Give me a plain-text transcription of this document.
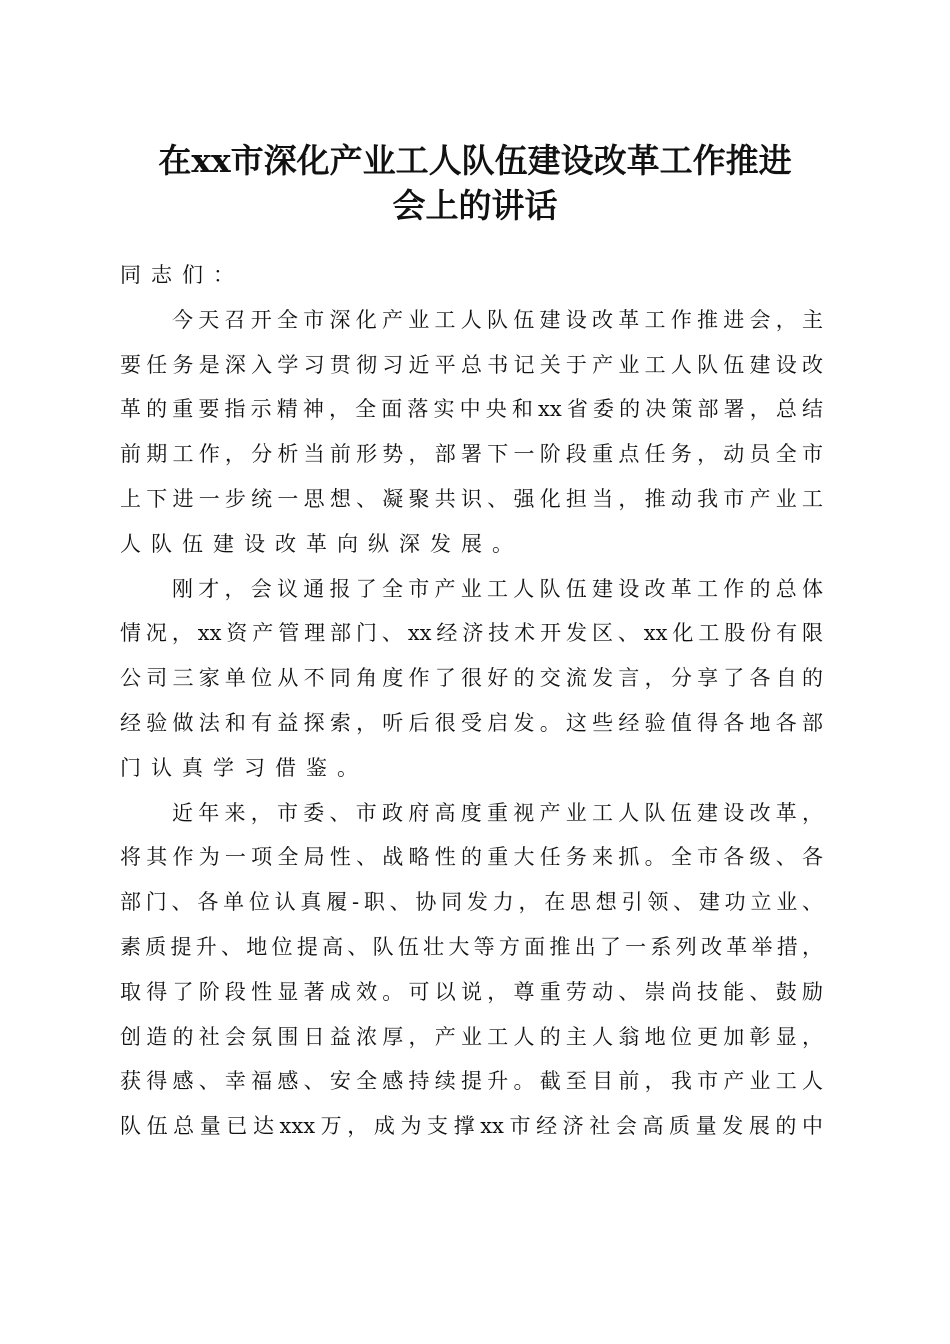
在xx市深化产业工人队伍建设改革工作推进
会上的讲话
同志们：
今天召开全市深化产业工人队伍建设改革工作推进会，主
要任务是深入学习贯彻习近平总书记关于产业工人队伍建设改
革的重要指示精神，全面落实中央和xx省委的决策部署，总结
前期工作，分析当前形势，部署下一阶段重点任务，动员全市
上下进一步统一思想、凝聚共识、强化担当，推动我市产业工
人队伍建设改革向纵深发展。
刚才，会议通报了全市产业工人队伍建设改革工作的总体
情况，xx资产管理部门、xx经济技术开发区、xx化工股份有限
公司三家单位从不同角度作了很好的交流发言，分享了各自的
经验做法和有益探索，听后很受启发。这些经验值得各地各部
门认真学习借鉴。
近年来，市委、市政府高度重视产业工人队伍建设改革，
将其作为一项全局性、战略性的重大任务来抓。全市各级、各
部门、各单位认真履-职、协同发力，在思想引领、建功立业、
素质提升、地位提高、队伍壮大等方面推出了一系列改革举措，
取得了阶段性显著成效。可以说，尊重劳动、崇尚技能、鼓励
创造的社会氛围日益浓厚，产业工人的主人翁地位更加彰显，
获得感、幸福感、安全感持续提升。截至目前，我市产业工人
队伍总量已达xxx万，成为支撑xx市经济社会高质量发展的中
